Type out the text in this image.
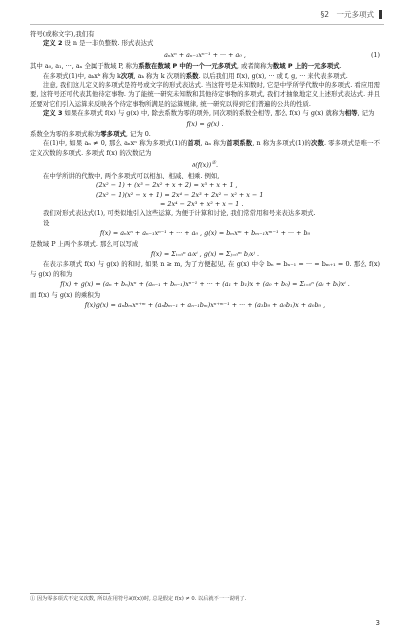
§2　一元多项式

符号(或称文字),我们有

定义 2 设 n 是一非负整数. 形式表达式

aₙxⁿ + aₙ₋₁xⁿ⁻¹ + ··· + a₀ ,	(1)

其中 a₀, a₁, ···, aₙ 全属于数域 P, 称为系数在数域 P 中的一个一元多项式, 或者简称为数域 P 上的一元多项式.

在多项式(1)中, aₖxᵏ 称为 k次项, aₖ 称为 k 次项的系数. 以后我们用 f(x), g(x), ··· 或 f, g, ··· 来代表多项式.

注意, 我们这儿定义的多项式是符号或文字的形式表达式. 当这符号是未知数时, 它是中学所学代数中的多项式. 看应用需要, 这符号还可代表其他待定事物. 为了能统一研究未知数和其他待定事物的多项式, 我们才抽象地定义上述形式表达式. 并且还要对它们引入运算来反映各个待定事物所满足的运算规律, 统一研究以得到它们普遍的公共的性质.

定义 3 如果在多项式 f(x) 与 g(x) 中, 除去系数为零的项外, 同次项的系数全相等, 那么 f(x) 与 g(x) 就称为相等, 记为

f(x) = g(x) .

系数全为零的多项式称为零多项式, 记为 0.

在(1)中, 如果 aₙ ≠ 0, 那么 aₙxⁿ 称为多项式(1)的首项, aₙ 称为首项系数, n 称为多项式(1)的次数. 零多项式是唯一不定义次数的多项式. 多项式 f(x) 的次数记为

∂(f(x))①.

在中学所讲的代数中, 两个多项式可以相加、相减、相乘. 例如,

(2x² − 1) + (x³ − 2x² + x + 2) = x³ + x + 1 ,
(2x² − 1)(x² − x + 1) = 2x⁴ − 2x³ + 2x² − x² + x − 1
= 2x⁴ − 2x³ + x² + x − 1 .

我们对形式表达式(1), 可类似地引入这些运算, 为便于计算和讨论, 我们常常用和号来表达多项式.

设

f(x) = aₙxⁿ + aₙ₋₁xⁿ⁻¹ + ··· + a₀ , g(x) = bₘxᵐ + bₘ₋₁xᵐ⁻¹ + ··· + b₀

是数域 P 上两个多项式. 那么可以写成

f(x) = Σᵢ₌₀ⁿ aᵢxⁱ , g(x) = Σⱼ₌₀ᵐ bⱼxʲ .

在表示多项式 f(x) 与 g(x) 的和时, 如果 n ≥ m, 为了方便起见, 在 g(x) 中令 bₙ = bₙ₋₁ = ··· = bₘ₊₁ = 0. 那么 f(x) 与 g(x) 的和为

f(x) + g(x) = (aₙ + bₙ)xⁿ + (aₙ₋₁ + bₙ₋₁)xⁿ⁻¹ + ··· + (a₁ + b₁)x + (a₀ + b₀) = Σᵢ₌₀ⁿ (aᵢ + bᵢ)xⁱ .

而 f(x) 与 g(x) 的乘积为

f(x)g(x) = aₙbₘxⁿ⁺ᵐ + (aₙbₘ₋₁ + aₙ₋₁bₘ)xⁿ⁺ᵐ⁻¹ + ··· + (a₁b₀ + a₀b₁)x + a₀b₀ ,
① 因为零多项式不定义次数, 所以在用符号∂(f(x))时, 总是假定 f(x) ≠ 0. 以后就不一一说明了.
3
